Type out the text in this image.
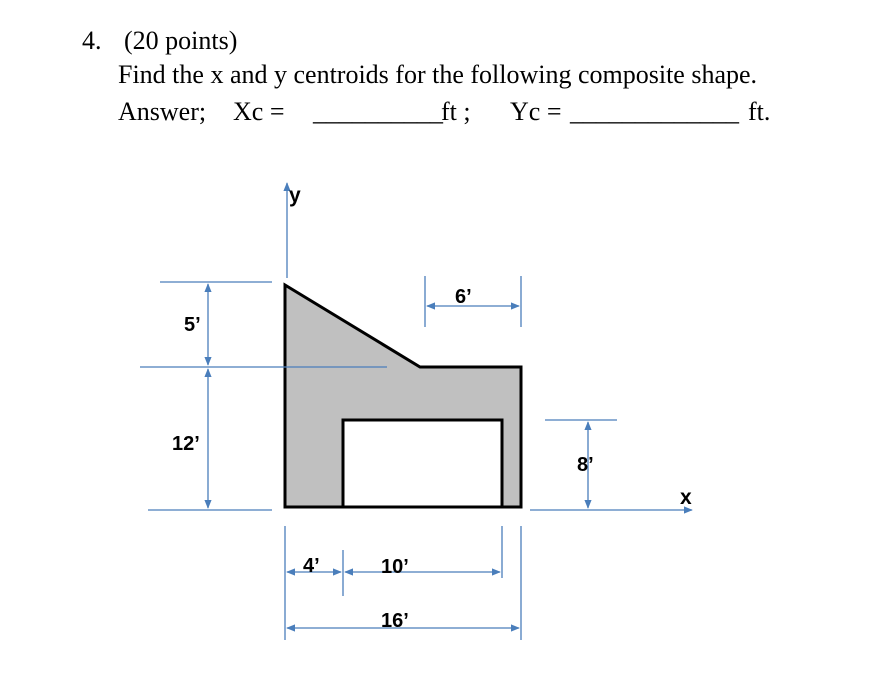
4. (20 points)
Find the x and y centroids for the following composite shape.
Answer; Xc = __________
ft ; Yc = _____________ ft.
y
x
5’
12’
6’
8’
4’	10’
16’
